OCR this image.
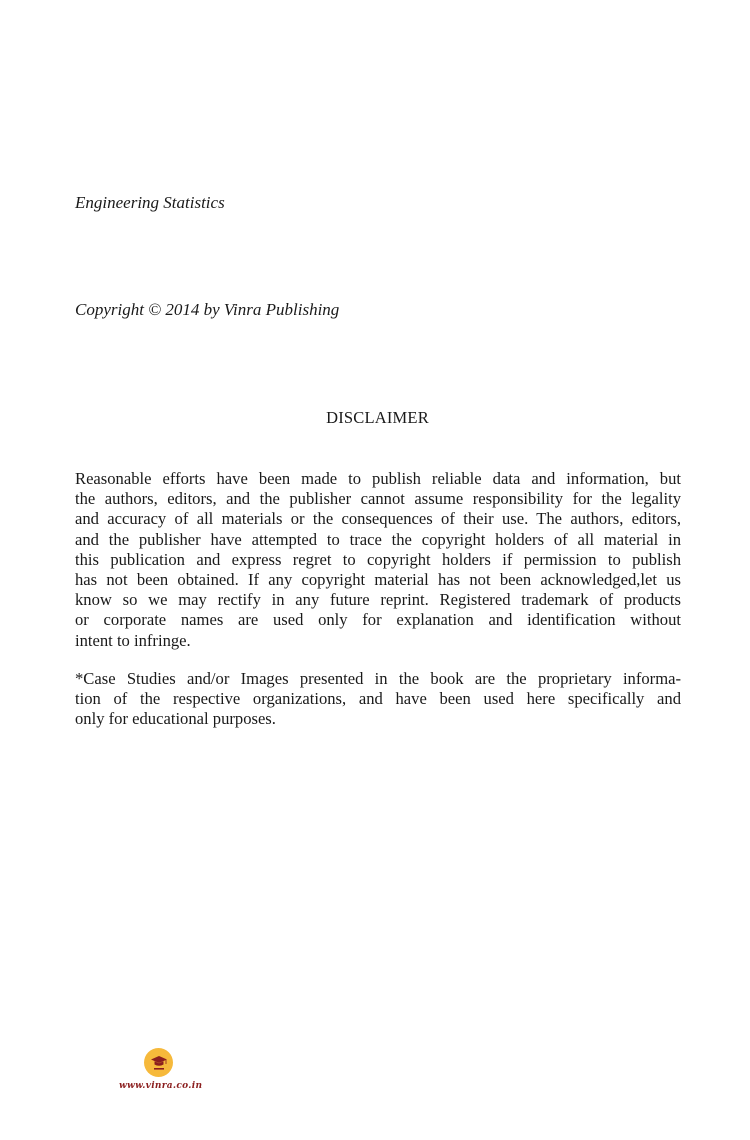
Engineering Statistics
Copyright © 2014 by Vinra Publishing
DISCLAIMER
Reasonable efforts have been made to publish reliable data and information, but
the authors, editors, and the publisher cannot assume responsibility for the legality
and accuracy of all materials or the consequences of their use. The authors, editors,
and the publisher have attempted to trace the copyright holders of all material in
this publication and express regret to copyright holders if permission to publish
has not been obtained. If any copyright material has not been acknowledged,let us
know so we may rectify in any future reprint. Registered trademark of products
or corporate names are used only for explanation and identification without
intent to infringe.
*Case Studies and/or Images presented in the book are the proprietary informa-
tion of the respective organizations, and have been used here specifically and
only for educational purposes.
www.vinra.co.in
